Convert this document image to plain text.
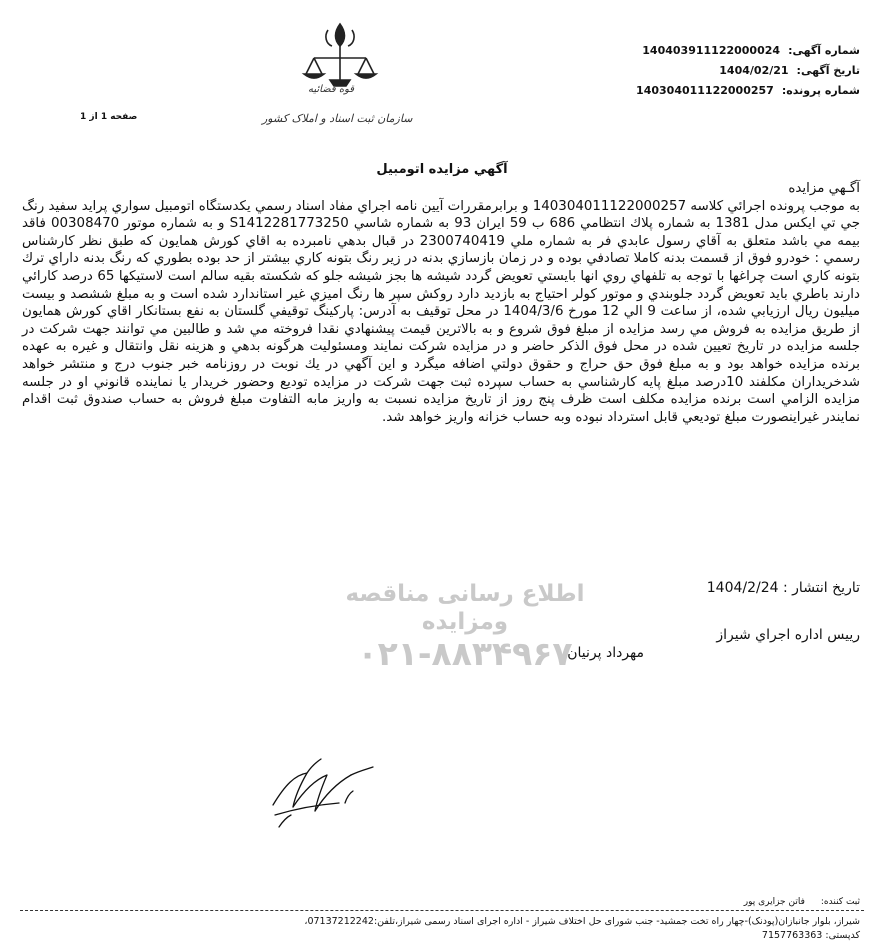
شماره آگهی:
140403911122000024
تاریخ آگهی:
1404/02/21
شماره پرونده:
140304011122000257
قوه قضائیه
سازمان ثبت اسناد و املاک کشور
صفحه 1 از 1
آگهي مزايده اتومبيل

آگـهي مزايده

به موجب پرونده اجرائي كلاسه 140304011122000257 و برابرمقررات آيين نامه اجراي مفاد اسناد رسمي يكدستگاه اتومبيل سواري پرايد سفيد رنگ جي تي ايكس مدل 1381 به شماره پلاك انتظامي 686 ب 59 ايران 93 به شماره شاسي S1412281773250 و به شماره موتور 00308470 فاقد بيمه مي باشد متعلق به آقاي رسول عابدي فر به شماره ملي 2300740419 در قبال بدهي نامبرده به اقاي كورش همايون كه طبق نظر كارشناس رسمي : خودرو فوق از قسمت بدنه كاملا تصادفي بوده و در زمان بازسازي بدنه در زير رنگ بتونه كاري بيشتر از حد بوده بطوري كه رنگ بدنه داراي ترك بتونه كاري است چراغها با توجه به تلفهاي روي انها بايستي تعويض گردد شيشه ها بجز شيشه جلو كه شكسته بقيه سالم است لاستيكها 65 درصد كارائي دارند باطري بايد تعويض گردد جلوبندي و موتور كولر احتياج به بازديد دارد روكش سپر ها رنگ اميزي غير استاندارد شده است و به مبلغ ششصد و بيست ميليون ريال ارزيابي شده، از ساعت 9 الي 12 مورخ 1404/3/6 در محل توقيف به آدرس: پاركينگ توقيفي گلستان به نفع بستانكار اقاي كورش همايون از طريق مزايده به فروش مي رسد مزايده از مبلغ فوق شروع و به بالاترين قيمت پيشنهادي نقدا فروخته مي شد و طالبين مي توانند جهت شركت در جلسه مزايده در تاريخ تعيين شده در محل فوق الذكر حاضر و در مزايده شركت نمايند ومسئوليت هرگونه بدهي و هزينه نقل وانتقال و غيره به عهده برنده مزايده خواهد بود و به مبلغ فوق حق حراج و حقوق دولتي اضافه ميگرد و اين آگهي در يك نوبت در روزنامه خبر جنوب درج و منتشر خواهد شدخريداران مكلفند 10درصد مبلغ پايه كارشناسي به حساب سپرده ثبت جهت شركت در مزايده توديع وحضور خريدار يا نماينده قانوني او در جلسه مزايده الزامي است برنده مزايده مكلف است ظرف پنج روز از تاريخ مزايده نسبت به واريز مابه التفاوت مبلغ فروش به حساب صندوق ثبت اقدام نمايندر غيراينصورت مبلغ توديعي قابل استرداد نبوده وبه حساب خزانه واريز خواهد شد.

تاريخ انتشار : 1404/2/24
اطلاع رسانی مناقصه ومزایده
۰۲۱-۸۸۳۴۹۶۷	رييس اداره اجراي شيراز
مهرداد پرنيان
ثبت کننده:
فاتن جزایری پور
شیراز، بلوار جانبازان(پودنک)-چهار راه تخت جمشید- جنب شورای حل اختلاف شیراز - اداره اجرای اسناد رسمی شیراز،تلفن:07137212242،
کدپستی: 7157763363
